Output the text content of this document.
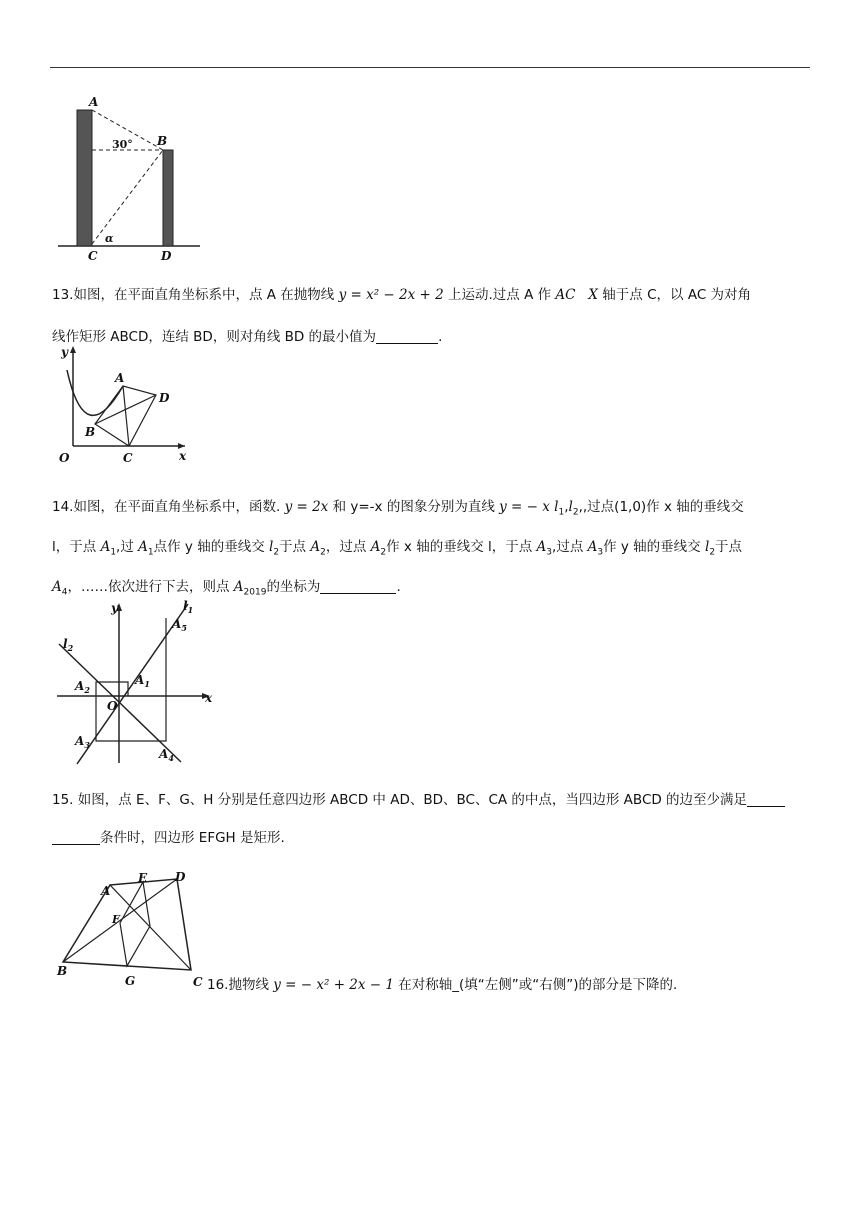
A
B
30°
C	D
α
13.如图，在平面直角坐标系中，点 A 在抛物线 y = x² − 2x + 2 上运动.过点 A 作 AC X 轴于点 C，以 AC 为对角
线作矩形 ABCD，连结 BD，则对角线 BD 的最小值为	.
y
x
O
A
D
B
C
14.如图，在平面直角坐标系中，函数. y = 2x 和 y=-x 的图象分别为直线 y = − x $l_1,l_2$,,过点(1,0)作 x 轴的垂线交
l，于点 $A_1$,过 $A_1$点作 y 轴的垂线交 $l_2$于点 $A_2$，过点 $A_2$作 x 轴的垂线交 l，于点 $A_3$,过点 $A_3$作 y 轴的垂线交 $l_2$于点
$A_4$，……依次进行下去，则点 $A_{2019}$的坐标为	.
y
x
O
$l_1$
$l_2$
$A_5$
$A_1$
$A_2$
$A_3$
$A_4$
15. 如图，点 E、F、G、H 分别是任意四边形 ABCD 中 AD、BD、BC、CA 的中点，当四边形 ABCD 的边至少满足
条件时，四边形 EFGH 是矩形.
A
E D
F
B
G	C 16.抛物线 y = − x² + 2x − 1 在对称轴_(填“左侧”或“右侧”)的部分是下降的.
